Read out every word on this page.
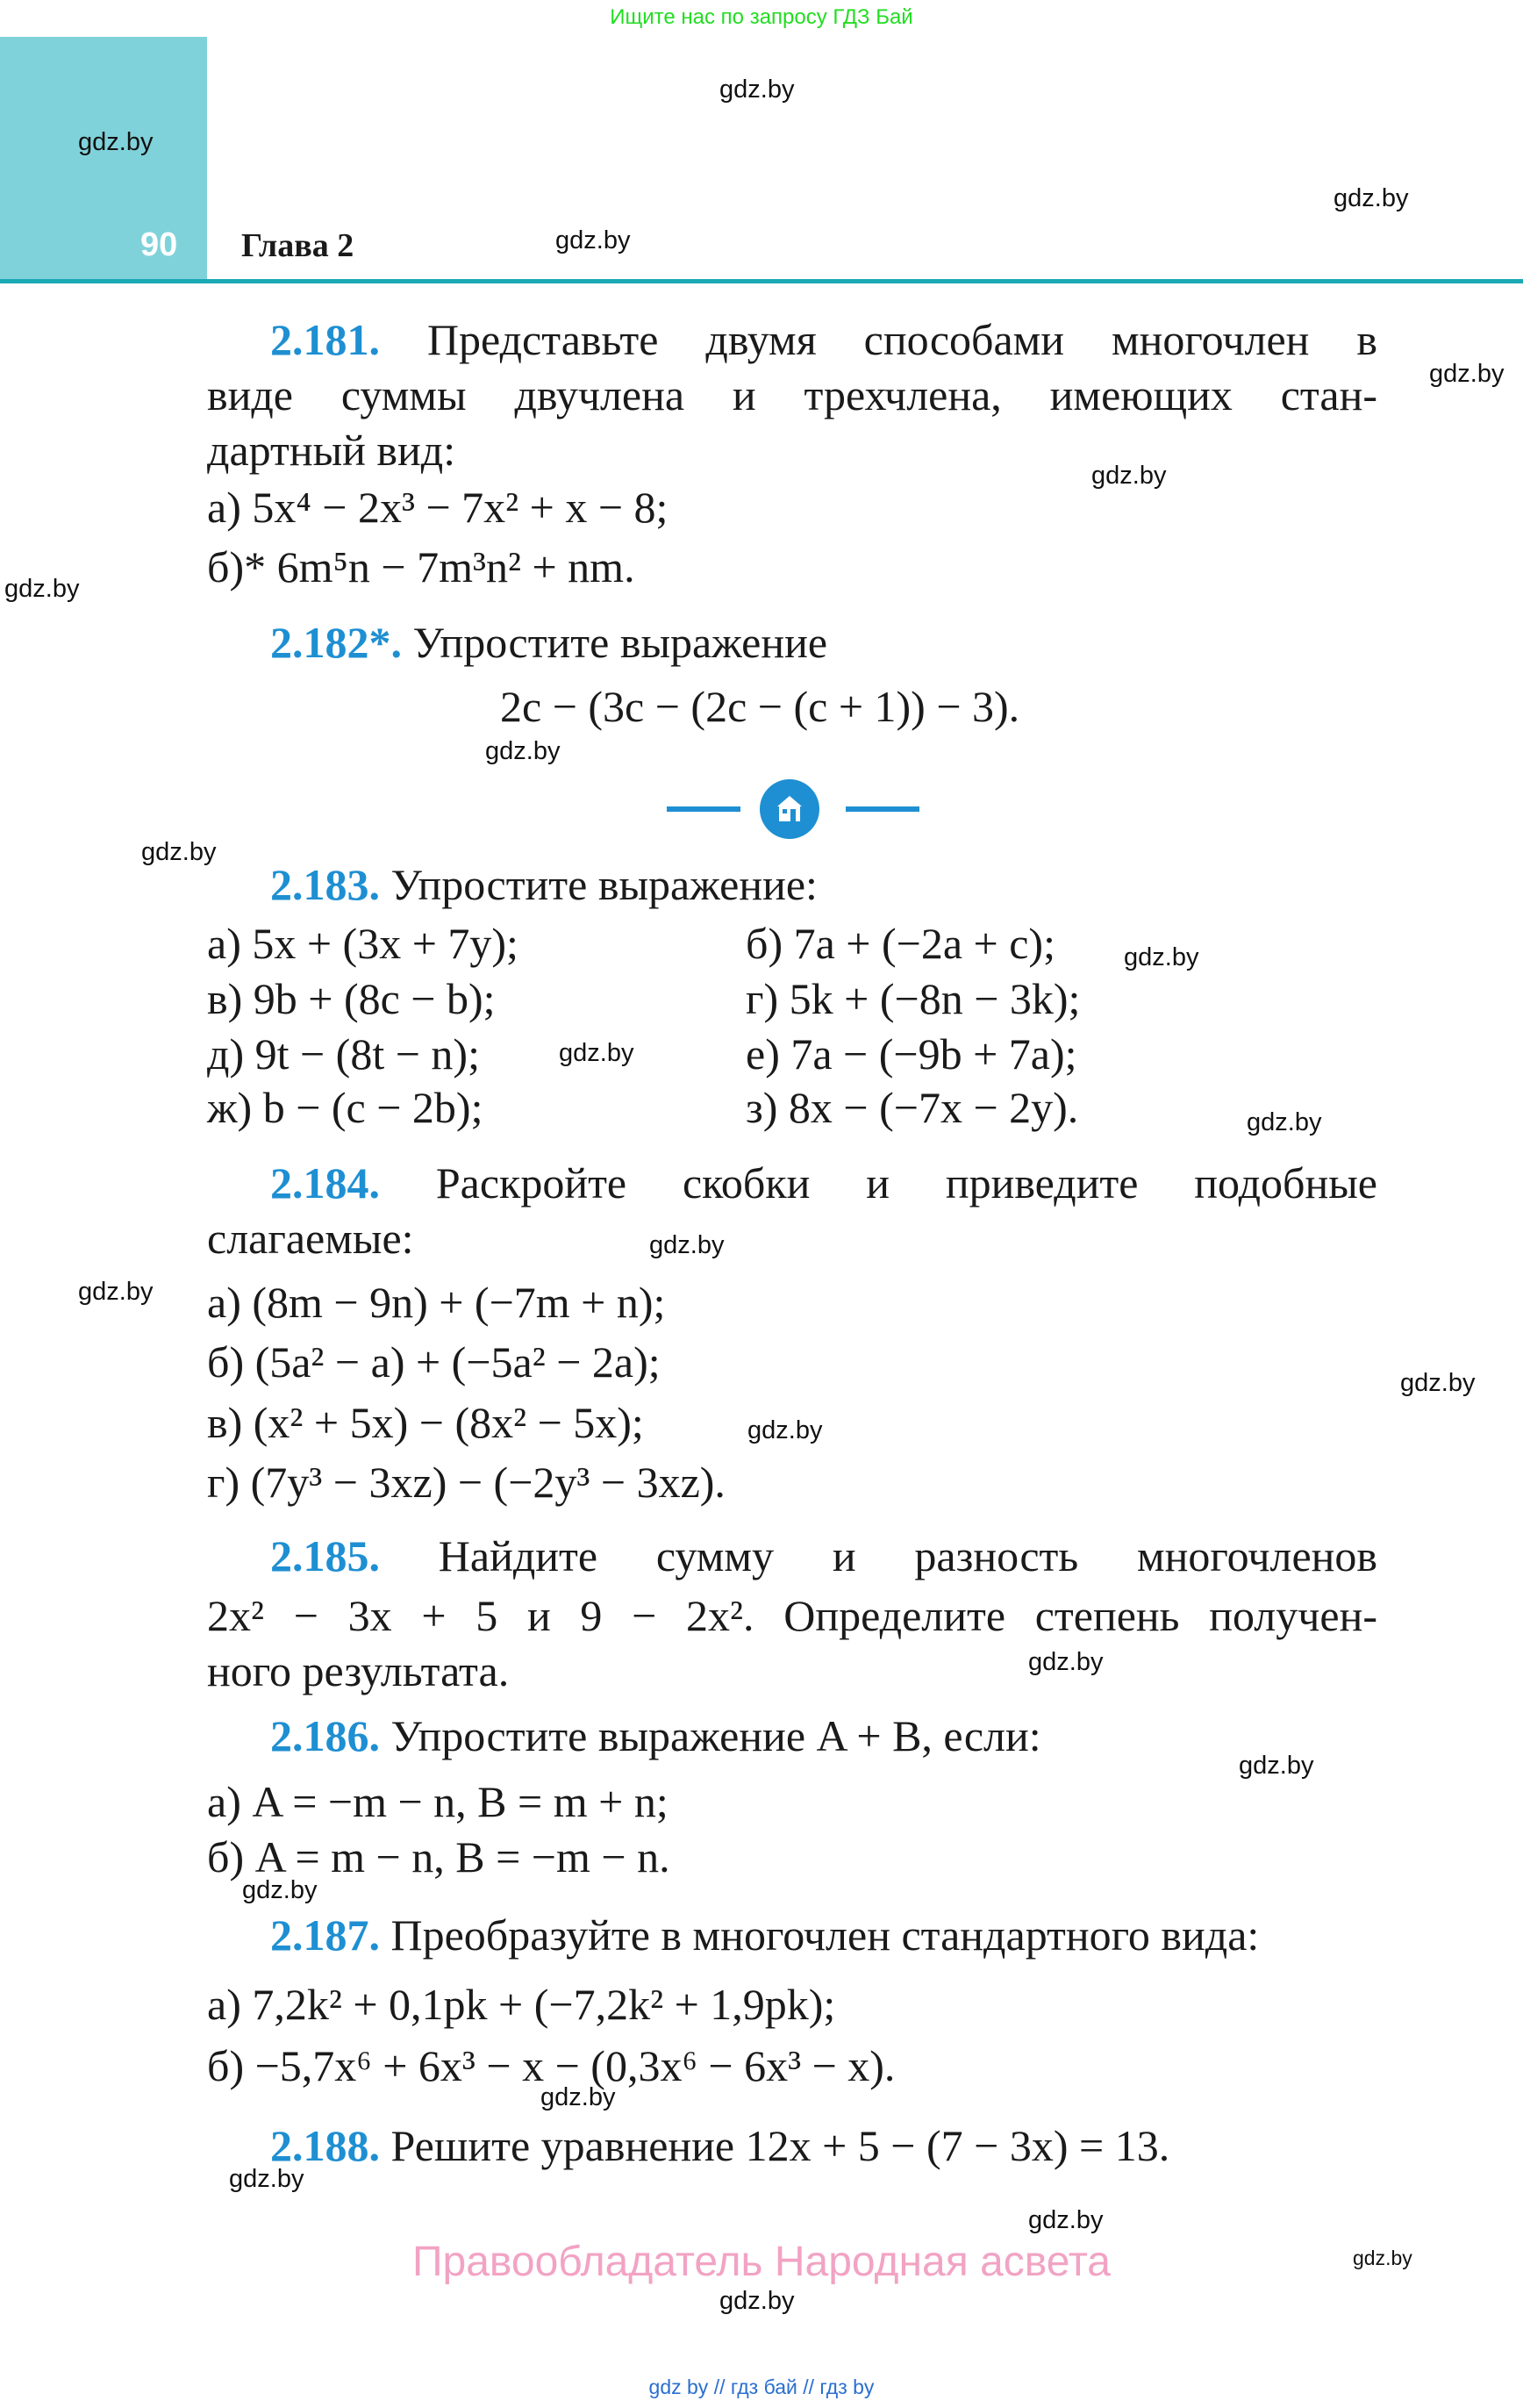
Ищите нас по запросу ГДЗ Бай
90 Глава 2
2.181. Представьте двумя способами многочлен в
виде суммы двучлена и трехчлена, имеющих стан-
дартный вид:
а) 5x⁴ − 2x³ − 7x² + x − 8;
б)* 6m⁵n − 7m³n² + nm.
2.182*. Упростите выражение
2c − (3c − (2c − (c + 1)) − 3).
2.183. Упростите выражение:
а) 5x + (3x + 7y);	б) 7a + (−2a + c);
в) 9b + (8c − b);	г) 5k + (−8n − 3k);
д) 9t − (8t − n);	е) 7a − (−9b + 7a);
ж) b − (c − 2b);	з) 8x − (−7x − 2y).
2.184. Раскройте скобки и приведите подобные
слагаемые:
а) (8m − 9n) + (−7m + n);
б) (5a² − a) + (−5a² − 2a);
в) (x² + 5x) − (8x² − 5x);
г) (7y³ − 3xz) − (−2y³ − 3xz).
2.185. Найдите сумму и разность многочленов
2x² − 3x + 5 и 9 − 2x². Определите степень получен-
ного результата.
2.186. Упростите выражение A + B, если:
а) A = −m − n, B = m + n;
б) A = m − n, B = −m − n.
2.187. Преобразуйте в многочлен стандартного вида:
а) 7,2k² + 0,1pk + (−7,2k² + 1,9pk);
б) −5,7x⁶ + 6x³ − x − (0,3x⁶ − 6x³ − x).
2.188. Решите уравнение 12x + 5 − (7 − 3x) = 13.
Правообладатель Народная асвета
gdz by // гдз бай // гдз by
gdz.by
gdz.by
gdz.by
gdz.by
gdz.by
gdz.by
gdz.by
gdz.by
gdz.by
gdz.by
gdz.by
gdz.by
gdz.by
gdz.by
gdz.by
gdz.by
gdz.by
gdz.by
gdz.by
gdz.by
gdz.by
gdz.by
gdz.by
gdz.by
